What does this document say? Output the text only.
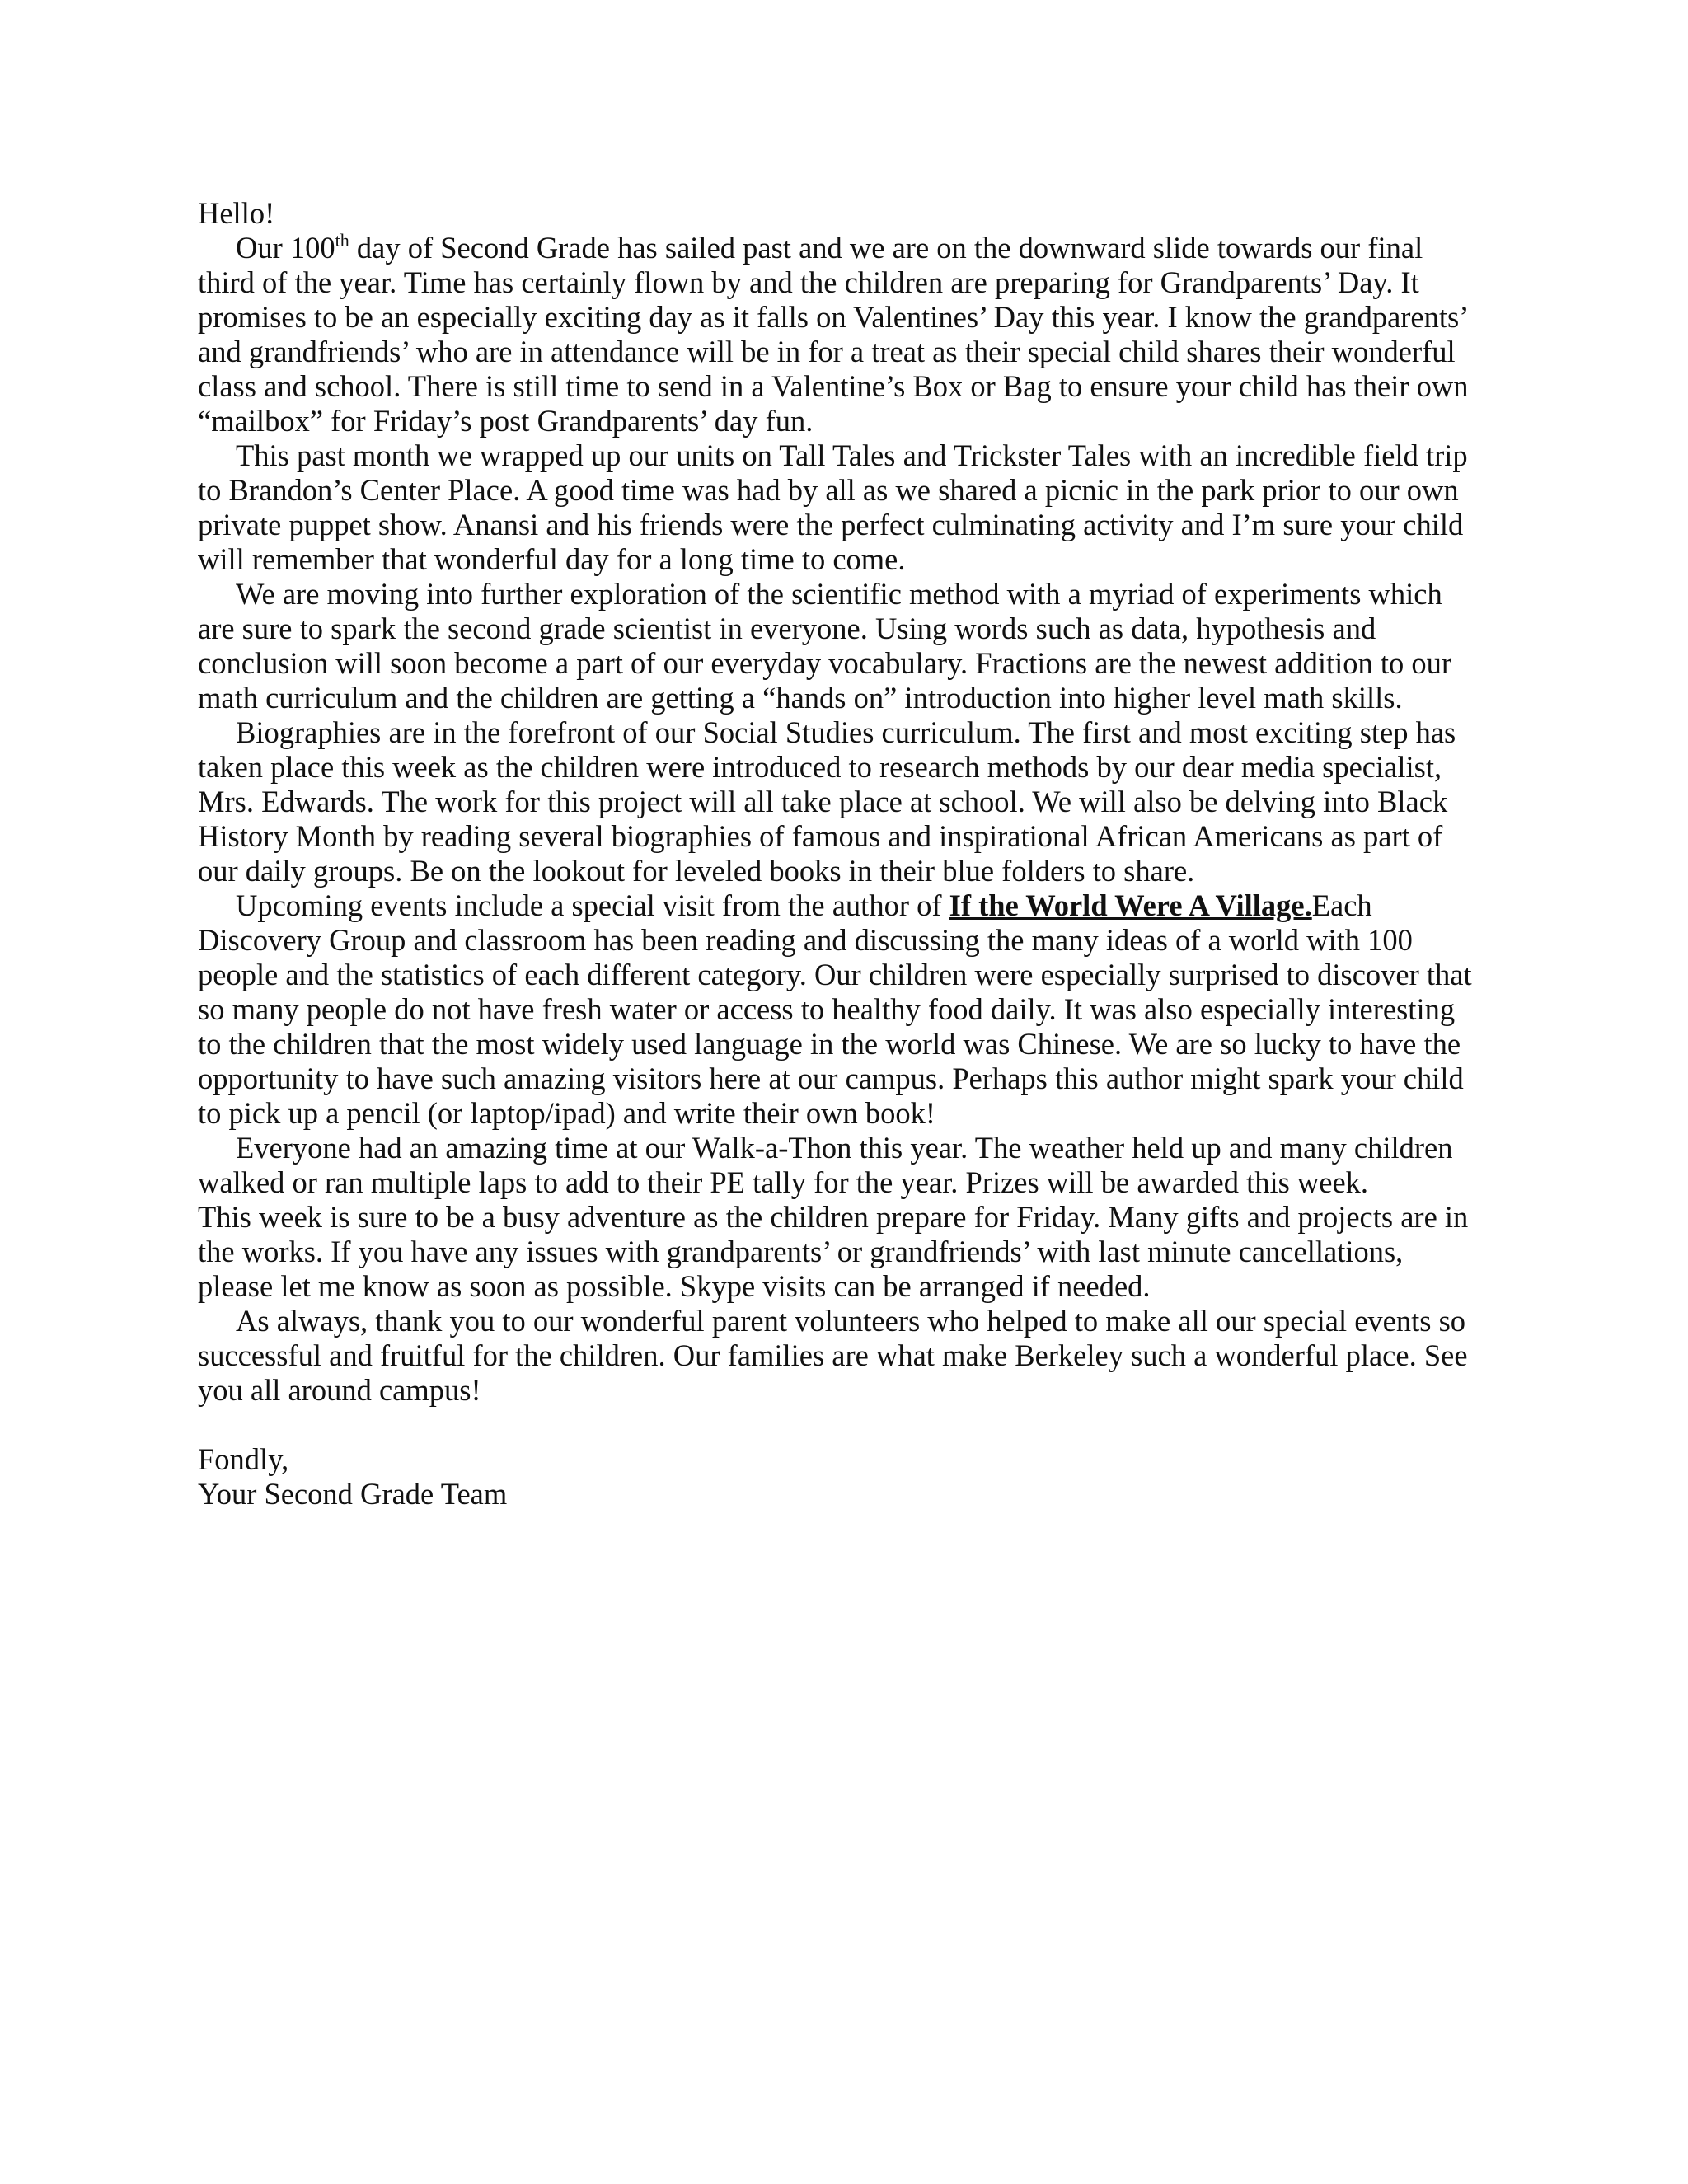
Hello!

Our 100th day of Second Grade has sailed past and we are on the downward slide towards our final third of the year. Time has certainly flown by and the children are preparing for Grandparents’ Day. It promises to be an especially exciting day as it falls on Valentines’ Day this year. I know the grandparents’ and grandfriends’ who are in attendance will be in for a treat as their special child shares their wonderful class and school. There is still time to send in a Valentine’s Box or Bag to ensure your child has their own “mailbox” for Friday’s post Grandparents’ day fun.

This past month we wrapped up our units on Tall Tales and Trickster Tales with an incredible field trip to Brandon’s Center Place. A good time was had by all as we shared a picnic in the park prior to our own private puppet show. Anansi and his friends were the perfect culminating activity and I’m sure your child will remember that wonderful day for a long time to come.

We are moving into further exploration of the scientific method with a myriad of experiments which are sure to spark the second grade scientist in everyone. Using words such as data, hypothesis and conclusion will soon become a part of our everyday vocabulary. Fractions are the newest addition to our math curriculum and the children are getting a “hands on” introduction into higher level math skills.

Biographies are in the forefront of our Social Studies curriculum. The first and most exciting step has taken place this week as the children were introduced to research methods by our dear media specialist, Mrs. Edwards. The work for this project will all take place at school. We will also be delving into Black History Month by reading several biographies of famous and inspirational African Americans as part of our daily groups. Be on the lookout for leveled books in their blue folders to share.

Upcoming events include a special visit from the author of If the World Were A Village.Each Discovery Group and classroom has been reading and discussing the many ideas of a world with 100 people and the statistics of each different category. Our children were especially surprised to discover that so many people do not have fresh water or access to healthy food daily. It was also especially interesting to the children that the most widely used language in the world was Chinese. We are so lucky to have the opportunity to have such amazing visitors here at our campus. Perhaps this author might spark your child to pick up a pencil (or laptop/ipad) and write their own book!

Everyone had an amazing time at our Walk-a-Thon this year. The weather held up and many children walked or ran multiple laps to add to their PE tally for the year. Prizes will be awarded this week.

This week is sure to be a busy adventure as the children prepare for Friday. Many gifts and projects are in the works. If you have any issues with grandparents’ or grandfriends’ with last minute cancellations, please let me know as soon as possible. Skype visits can be arranged if needed.

As always, thank you to our wonderful parent volunteers who helped to make all our special events so successful and fruitful for the children. Our families are what make Berkeley such a wonderful place. See you all around campus!

Fondly,

Your Second Grade Team
